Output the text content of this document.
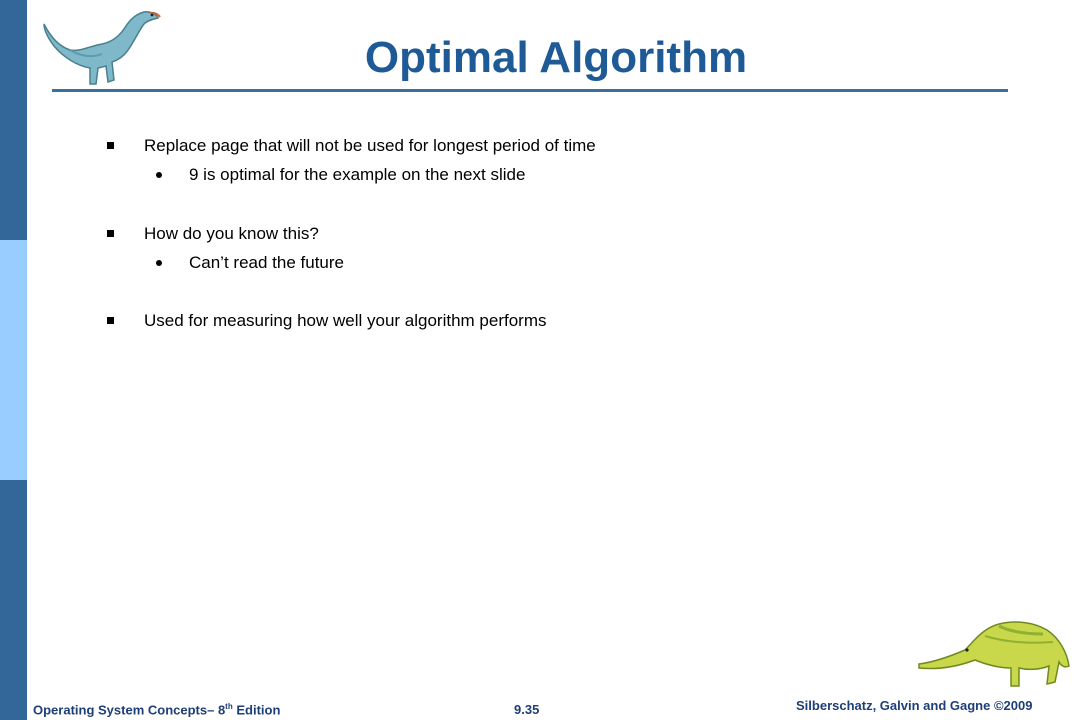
Optimal Algorithm
Replace page that will not be used for longest period of time
9 is optimal for the example on the next slide
How do you know this?
Can’t read the future
Used for measuring how well your algorithm performs
Operating System Concepts– 8th Edition	9.35	Silberschatz, Galvin and Gagne ©2009
